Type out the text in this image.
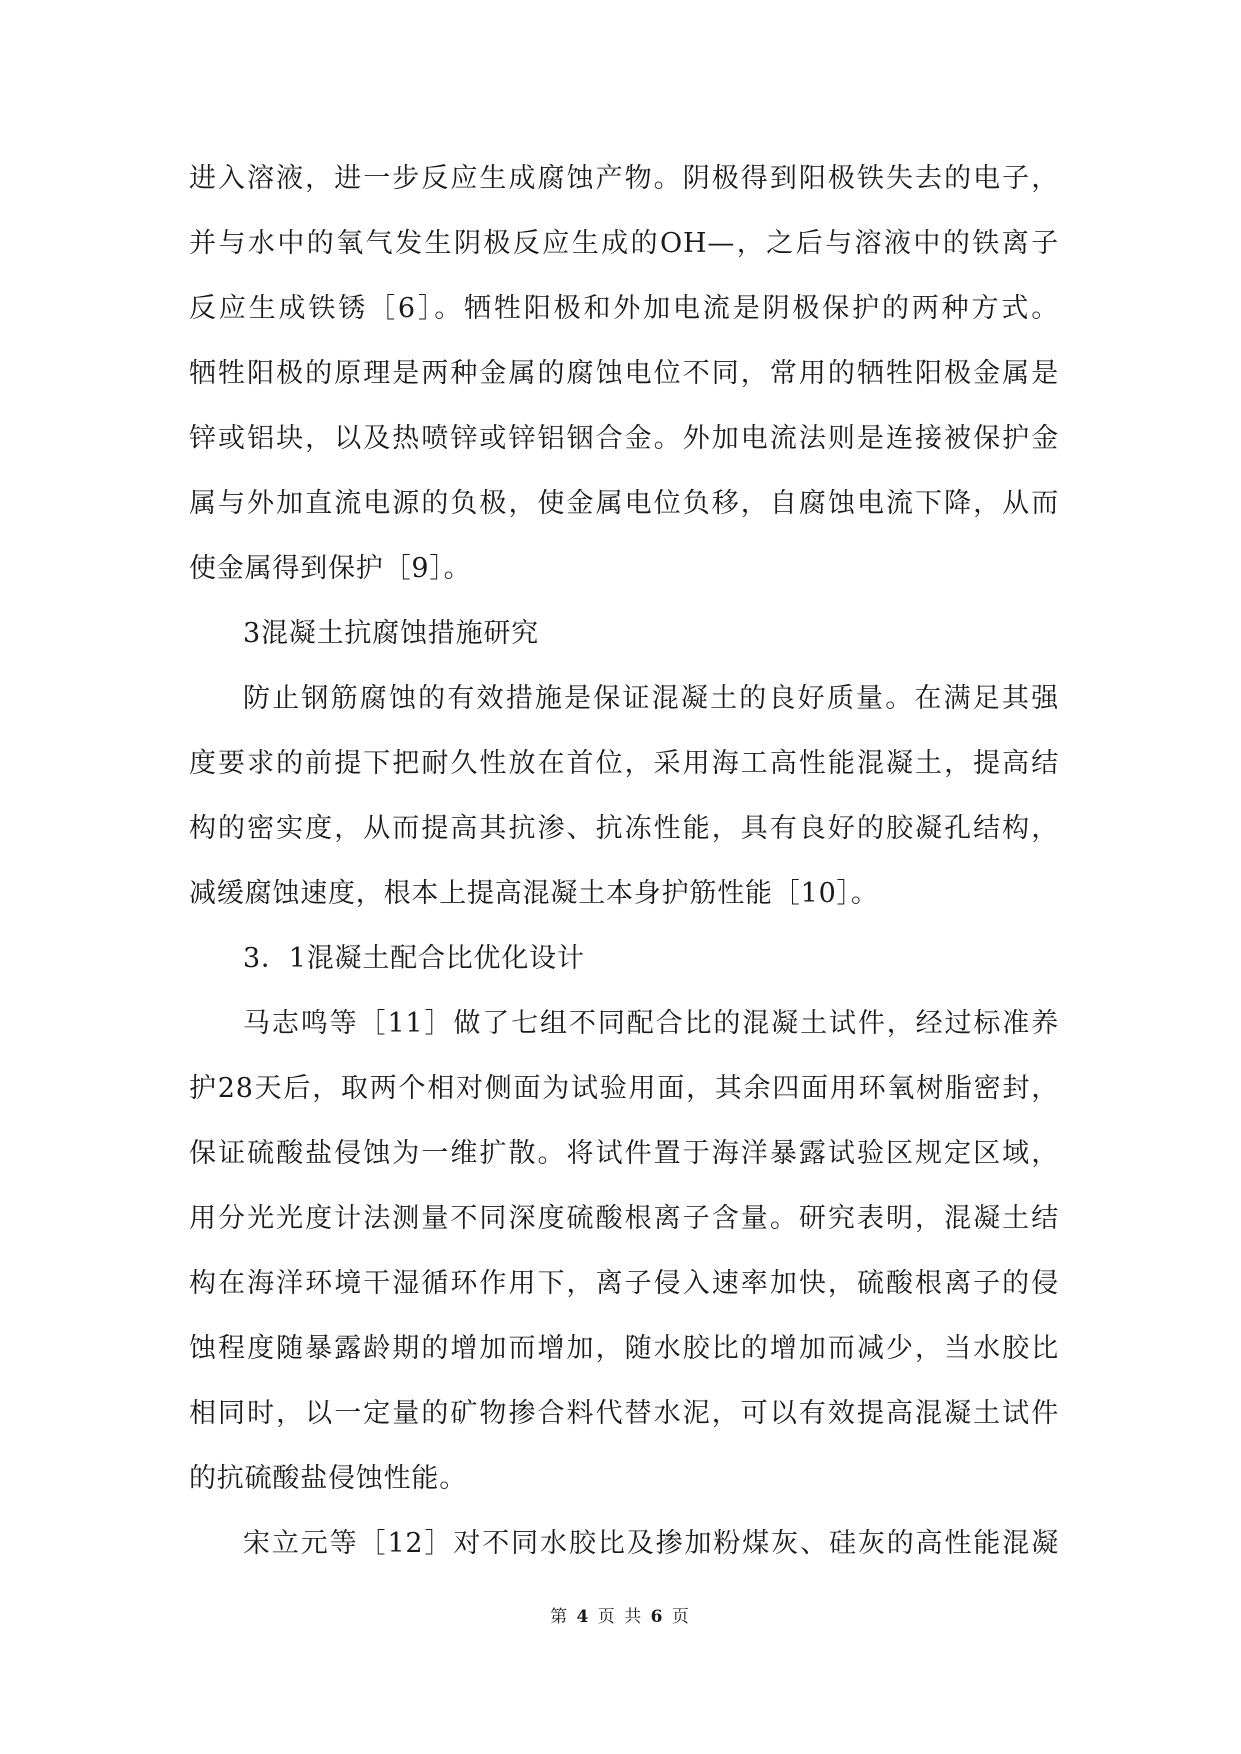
进入溶液，进一步反应生成腐蚀产物。阴极得到阳极铁失去的电子，
并与水中的氧气发生阴极反应生成的OH—，之后与溶液中的铁离子
反应生成铁锈［6］。牺牲阳极和外加电流是阴极保护的两种方式。
牺牲阳极的原理是两种金属的腐蚀电位不同，常用的牺牲阳极金属是
锌或铝块，以及热喷锌或锌铝铟合金。外加电流法则是连接被保护金
属与外加直流电源的负极，使金属电位负移，自腐蚀电流下降，从而
使金属得到保护［9］。
3混凝土抗腐蚀措施研究
防止钢筋腐蚀的有效措施是保证混凝土的良好质量。在满足其强
度要求的前提下把耐久性放在首位，采用海工高性能混凝土，提高结
构的密实度，从而提高其抗渗、抗冻性能，具有良好的胶凝孔结构，
减缓腐蚀速度，根本上提高混凝土本身护筋性能［10］。
3．1混凝土配合比优化设计
马志鸣等［11］做了七组不同配合比的混凝土试件，经过标准养
护28天后，取两个相对侧面为试验用面，其余四面用环氧树脂密封，
保证硫酸盐侵蚀为一维扩散。将试件置于海洋暴露试验区规定区域，
用分光光度计法测量不同深度硫酸根离子含量。研究表明，混凝土结
构在海洋环境干湿循环作用下，离子侵入速率加快，硫酸根离子的侵
蚀程度随暴露龄期的增加而增加，随水胶比的增加而减少，当水胶比
相同时，以一定量的矿物掺合料代替水泥，可以有效提高混凝土试件
的抗硫酸盐侵蚀性能。
宋立元等［12］对不同水胶比及掺加粉煤灰、硅灰的高性能混凝
第 4 页 共 6 页
